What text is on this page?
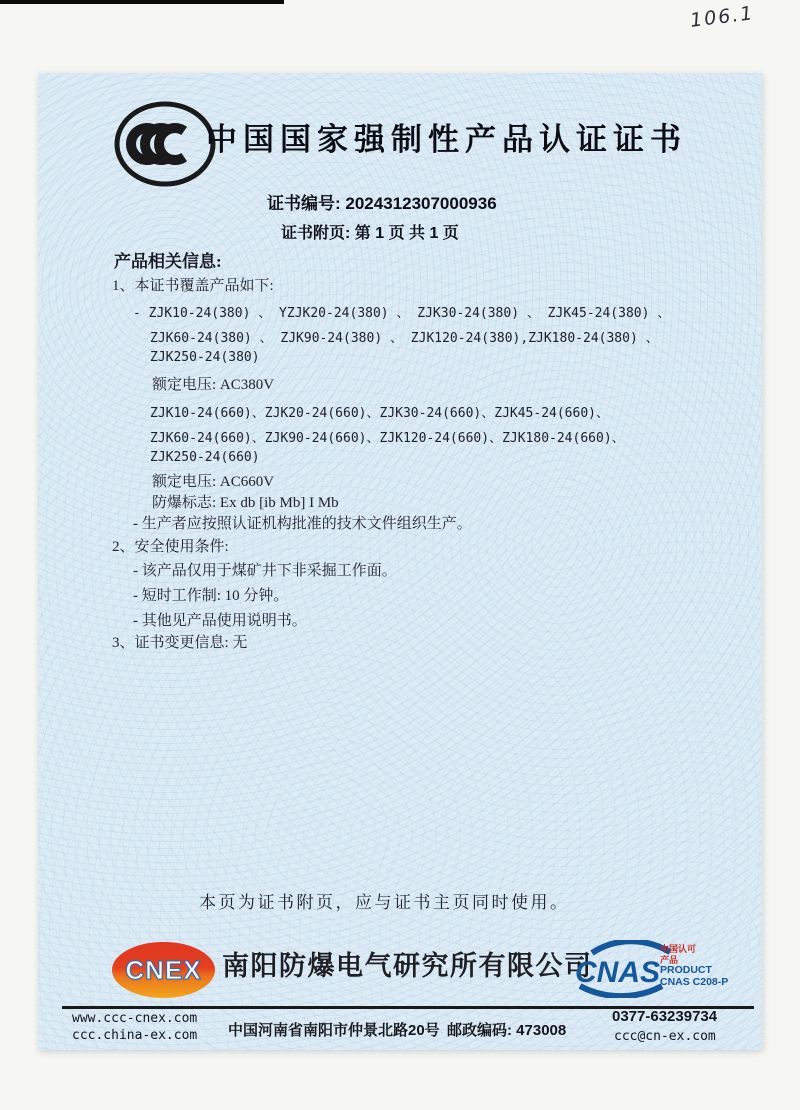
106.1
中国国家强制性产品认证证书
证书编号: 2024312307000936
证书附页: 第 1 页 共 1 页
产品相关信息:
1、本证书覆盖产品如下:
- ZJK10-24(380) 、 YZJK20-24(380) 、 ZJK30-24(380) 、 ZJK45-24(380) 、
ZJK60-24(380) 、 ZJK90-24(380) 、 ZJK120-24(380),ZJK180-24(380) 、
ZJK250-24(380)
额定电压: AC380V
ZJK10-24(660)、ZJK20-24(660)、ZJK30-24(660)、ZJK45-24(660)、
ZJK60-24(660)、ZJK90-24(660)、ZJK120-24(660)、ZJK180-24(660)、
ZJK250-24(660)
额定电压: AC660V
防爆标志: Ex db [ib Mb] I Mb
- 生产者应按照认证机构批准的技术文件组织生产。
2、安全使用条件:
- 该产品仅用于煤矿井下非采掘工作面。
- 短时工作制: 10 分钟。
- 其他见产品使用说明书。
3、证书变更信息: 无
本页为证书附页，应与证书主页同时使用。
CNEX 南阳防爆电气研究所有限公司
CNAS
中国认可
产品
PRODUCT
CNAS C208-P
www.ccc-cnex.com
ccc.china-ex.com 中国河南省南阳市仲景北路20号 邮政编码: 473008
0377-63239734
ccc@cn-ex.com
